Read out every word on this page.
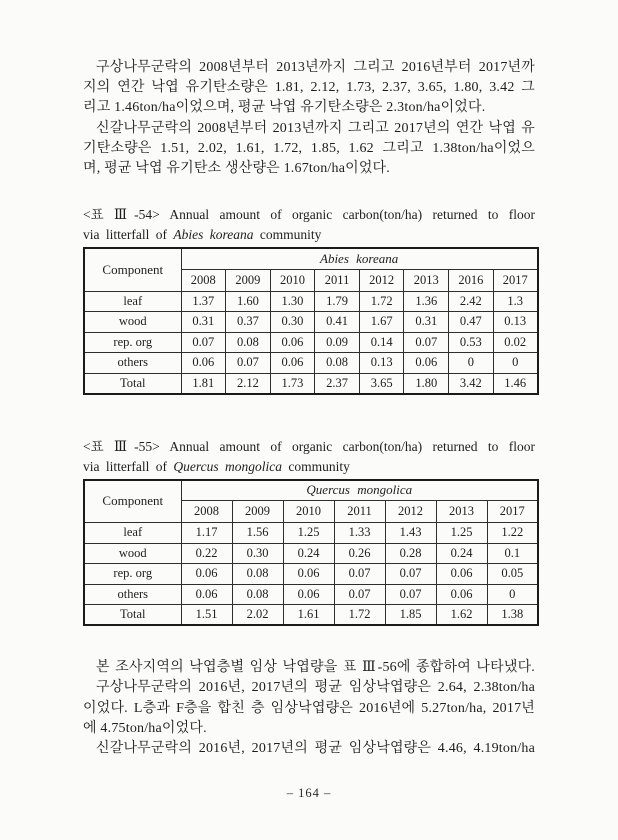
구상나무군락의 2008년부터 2013년까지 그리고 2016년부터 2017년까
지의 연간 낙엽 유기탄소량은 1.81, 2.12, 1.73, 2.37, 3.65, 1.80, 3.42 그
리고 1.46ton/ha이었으며, 평균 낙엽 유기탄소량은 2.3ton/ha이었다.
신갈나무군락의 2008년부터 2013년까지 그리고 2017년의 연간 낙엽 유
기탄소량은 1.51, 2.02, 1.61, 1.72, 1.85, 1.62 그리고 1.38ton/ha이었으
며, 평균 낙엽 유기탄소 생산량은 1.67ton/ha이었다.
<표 Ⅲ-54> Annual amount of organic carbon(ton/ha) returned to floor
via litterfall of Abies koreana community
Component	Abies koreana							
	2008	2009	2010	2011	2012	2013	2016	2017
leaf	1.37	1.60	1.30	1.79	1.72	1.36	2.42	1.3
wood	0.31	0.37	0.30	0.41	1.67	0.31	0.47	0.13
rep. org	0.07	0.08	0.06	0.09	0.14	0.07	0.53	0.02
others	0.06	0.07	0.06	0.08	0.13	0.06	0	0
Total	1.81	2.12	1.73	2.37	3.65	1.80	3.42	1.46
<표 Ⅲ-55> Annual amount of organic carbon(ton/ha) returned to floor
via litterfall of Quercus mongolica community
Component	Quercus mongolica						
	2008	2009	2010	2011	2012	2013	2017
leaf	1.17	1.56	1.25	1.33	1.43	1.25	1.22
wood	0.22	0.30	0.24	0.26	0.28	0.24	0.1
rep. org	0.06	0.08	0.06	0.07	0.07	0.06	0.05
others	0.06	0.08	0.06	0.07	0.07	0.06	0
Total	1.51	2.02	1.61	1.72	1.85	1.62	1.38
본 조사지역의 낙엽층별 임상 낙엽량을 표 Ⅲ-56에 종합하여 나타냈다.
구상나무군락의 2016년, 2017년의 평균 임상낙엽량은 2.64, 2.38ton/ha
이었다. L층과 F층을 합친 층 임상낙엽량은 2016년에 5.27ton/ha, 2017년
에 4.75ton/ha이었다.
신갈나무군락의 2016년, 2017년의 평균 임상낙엽량은 4.46, 4.19ton/ha
– 164 –
